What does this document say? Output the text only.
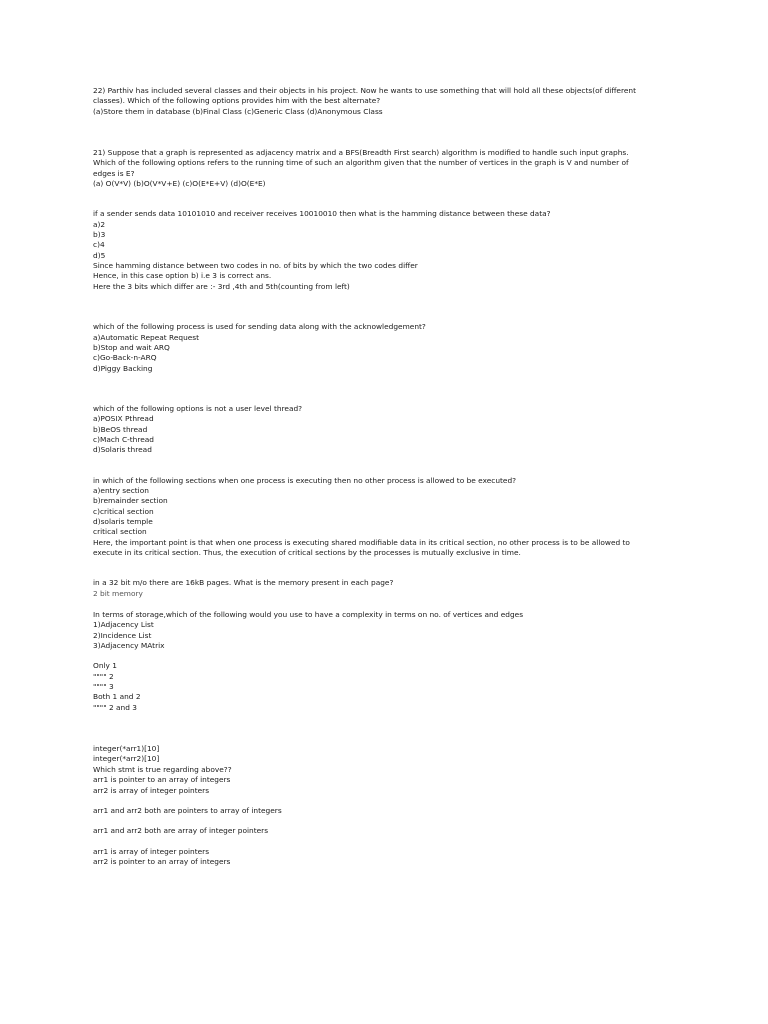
22) Parthiv has included several classes and their objects in his project. Now he wants to use something that will hold all these objects(of different
classes). Which of the following options provides him with the best alternate?
(a)Store them in database (b)Final Class (c)Generic Class (d)Anonymous Class
21) Suppose that a graph is represented as adjacency matrix and a BFS(Breadth First search) algorithm is modified to handle such input graphs.
Which of the following options refers to the running time of such an algorithm given that the number of vertices in the graph is V and number of
edges is E?
(a) O(V*V) (b)O(V*V+E) (c)O(E*E+V) (d)O(E*E)
if a sender sends data 10101010 and receiver receives 10010010 then what is the hamming distance between these data?
a)2
b)3
c)4
d)5
Since hamming distance between two codes in no. of bits by which the two codes differ
Hence, in this case option b) i.e 3 is correct ans.
Here the 3 bits which differ are :- 3rd ,4th and 5th(counting from left)
which of the following process is used for sending data along with the acknowledgement?
a)Automatic Repeat Request
b)Stop and wait ARQ
c)Go-Back-n-ARQ
d)Piggy Backing
which of the following options is not a user level thread?
a)POSIX Pthread
b)BeOS thread
c)Mach C-thread
d)Solaris thread
in which of the following sections when one process is executing then no other process is allowed to be executed?
a)entry section
b)remainder section
c)critical section
d)solaris temple
critical section
Here, the important point is that when one process is executing shared modifiable data in its critical section, no other process is to be allowed to
execute in its critical section. Thus, the execution of critical sections by the processes is mutually exclusive in time.
in a 32 bit m/o there are 16kB pages. What is the memory present in each page?
2 bit memory
In terms of storage,which of the following would you use to have a complexity in terms on no. of vertices and edges
1)Adjacency List
2)Incidence List
3)Adjacency MAtrix
Only 1
"""" 2
"""" 3
Both 1 and 2
"""" 2 and 3
integer(*arr1)[10]
integer(*arr2)[10]
Which stmt is true regarding above??
arr1 is pointer to an array of integers
arr2 is array of integer pointers
arr1 and arr2 both are pointers to array of integers
arr1 and arr2 both are array of integer pointers
arr1 is array of integer pointers
arr2 is pointer to an array of integers
